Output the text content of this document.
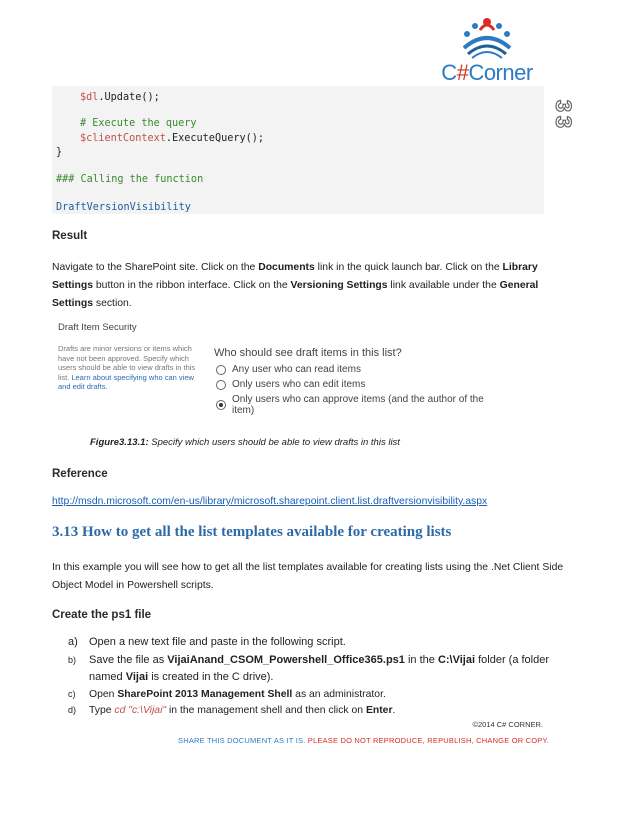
C#Corner
3
3
$dl.Update();
# Execute the query
$clientContext.ExecuteQuery();
}
### Calling the function
DraftVersionVisibility
Result
Navigate to the SharePoint site. Click on the Documents link in the quick launch bar. Click on the Library
Settings button in the ribbon interface. Click on the Versioning Settings link available under the General
Settings section.
Draft Item Security
Drafts are minor versions or items which have not been approved. Specify which users should be able to view drafts in this list. Learn about specifying who can view and edit drafts.
Who should see draft items in this list?
Any user who can read items
Only users who can edit items
Only users who can approve items (and the author of the item)
Figure3.13.1: Specify which users should be able to view drafts in this list
Reference
http://msdn.microsoft.com/en-us/library/microsoft.sharepoint.client.list.draftversionvisibility.aspx
3.13 How to get all the list templates available for creating lists
In this example you will see how to get all the list templates available for creating lists using the .Net Client Side
Object Model in Powershell scripts.
Create the ps1 file
a) Open a new text file and paste in the following script.
b) Save the file as VijaiAnand_CSOM_Powershell_Office365.ps1 in the C:\Vijai folder (a folder
named Vijai is created in the C drive).
c) Open SharePoint 2013 Management Shell as an administrator.
d) Type cd "c:\Vijai" in the management shell and then click on Enter.
©2014 C# CORNER.
SHARE THIS DOCUMENT AS IT IS. PLEASE DO NOT REPRODUCE, REPUBLISH, CHANGE OR COPY.
